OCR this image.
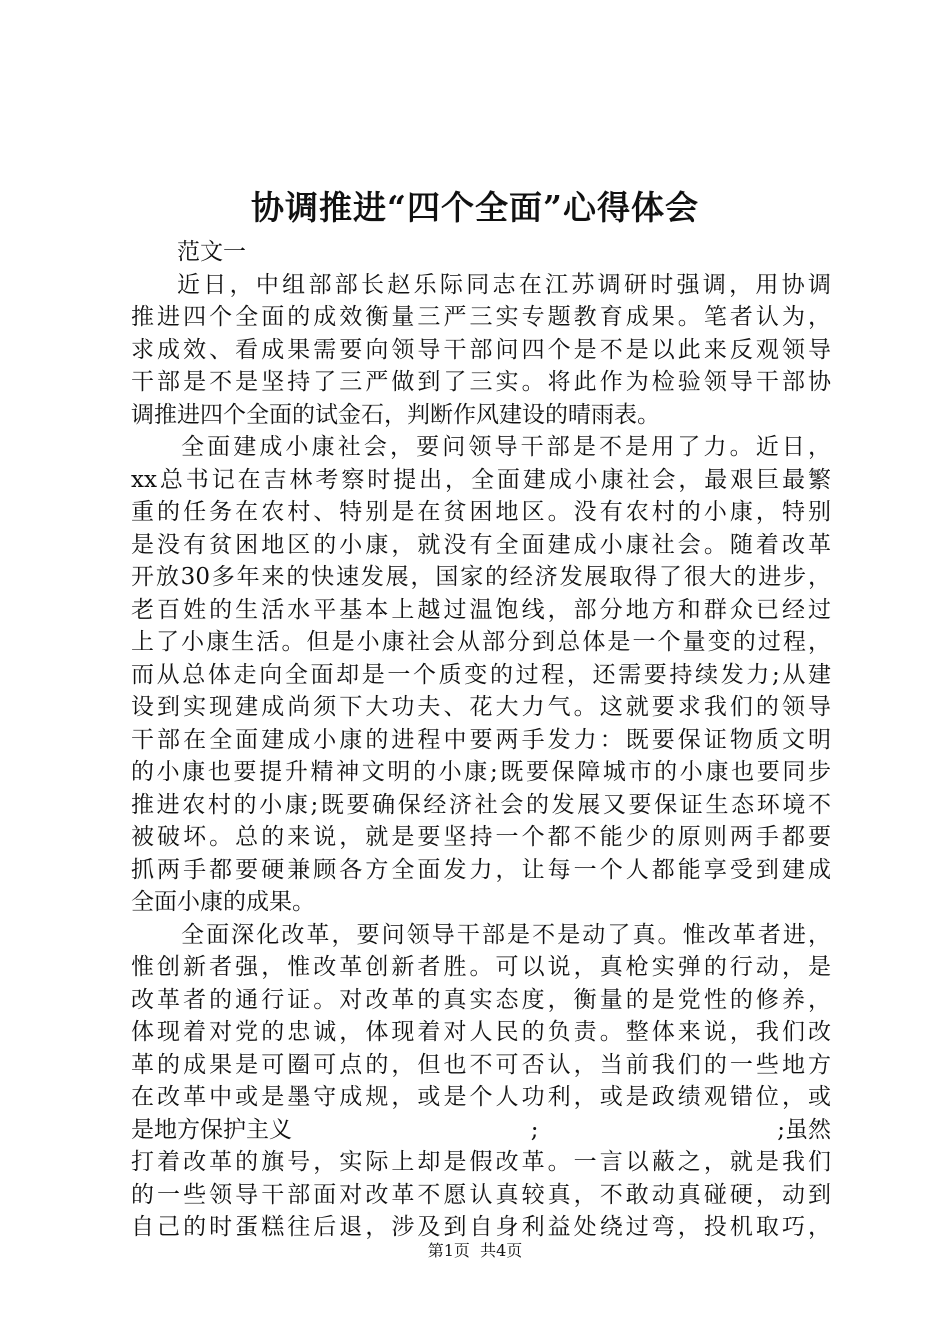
协调推进“四个全面”心得体会
范文一
近日，中组部部长赵乐际同志在江苏调研时强调，用协调
推进四个全面的成效衡量三严三实专题教育成果。笔者认为，
求成效、看成果需要向领导干部问四个是不是以此来反观领导
干部是不是坚持了三严做到了三实。将此作为检验领导干部协
调推进四个全面的试金石，判断作风建设的晴雨表。
全面建成小康社会，要问领导干部是不是用了力。近日，
xx总书记在吉林考察时提出，全面建成小康社会，最艰巨最繁
重的任务在农村、特别是在贫困地区。没有农村的小康，特别
是没有贫困地区的小康，就没有全面建成小康社会。随着改革
开放30多年来的快速发展，国家的经济发展取得了很大的进步，
老百姓的生活水平基本上越过温饱线，部分地方和群众已经过
上了小康生活。但是小康社会从部分到总体是一个量变的过程，
而从总体走向全面却是一个质变的过程，还需要持续发力;从建
设到实现建成尚须下大功夫、花大力气。这就要求我们的领导
干部在全面建成小康的进程中要两手发力：既要保证物质文明
的小康也要提升精神文明的小康;既要保障城市的小康也要同步
推进农村的小康;既要确保经济社会的发展又要保证生态环境不
被破坏。总的来说，就是要坚持一个都不能少的原则两手都要
抓两手都要硬兼顾各方全面发力，让每一个人都能享受到建成
全面小康的成果。
全面深化改革，要问领导干部是不是动了真。惟改革者进，
惟创新者强，惟改革创新者胜。可以说，真枪实弹的行动，是
改革者的通行证。对改革的真实态度，衡量的是党性的修养，
体现着对党的忠诚，体现着对人民的负责。整体来说，我们改
革的成果是可圈可点的，但也不可否认，当前我们的一些地方
在改革中或是墨守成规，或是个人功利，或是政绩观错位，或
是地方保护主义	;	;虽然
打着改革的旗号，实际上却是假改革。一言以蔽之，就是我们
的一些领导干部面对改革不愿认真较真，不敢动真碰硬，动到
自己的时蛋糕往后退，涉及到自身利益处绕过弯，投机取巧，
第1页  共4页
